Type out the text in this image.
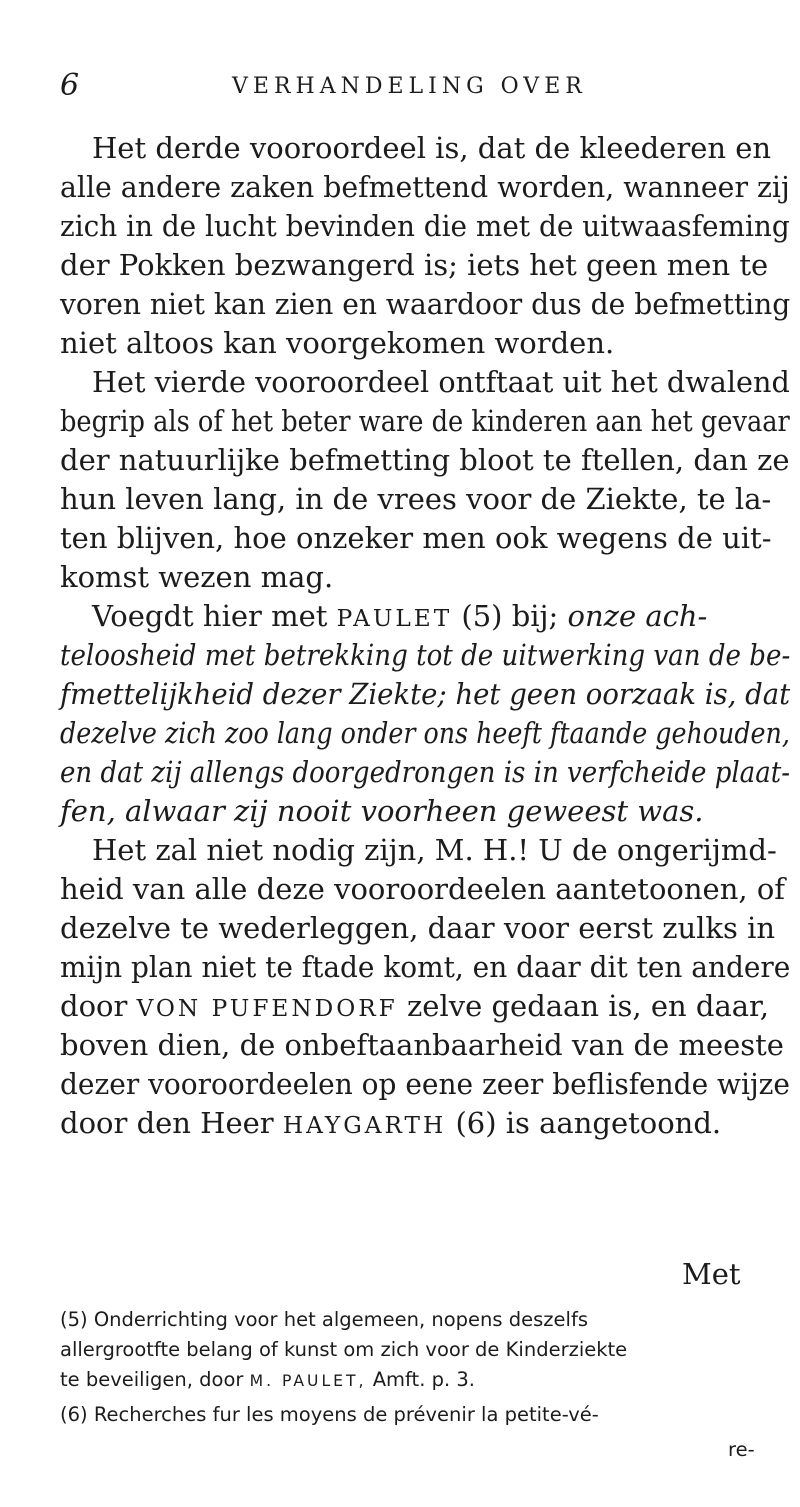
6	VERHANDELING OVER
Het derde vooroordeel is, dat de kleederen en
alle andere zaken befmettend worden, wanneer zij
zich in de lucht bevinden die met de uitwaasfeming
der Pokken bezwangerd is; iets het geen men te
voren niet kan zien en waardoor dus de befmetting
niet altoos kan voorgekomen worden.
Het vierde vooroordeel ontftaat uit het dwalend
begrip als of het beter ware de kinderen aan het gevaar
der natuurlijke befmetting bloot te ftellen, dan ze
hun leven lang, in de vrees voor de Ziekte, te la-
ten blijven, hoe onzeker men ook wegens de uit-
komst wezen mag.
Voegdt hier met PAULET (5) bij; onze ach-
teloosheid met betrekking tot de uitwerking van de be-
fmettelijkheid dezer Ziekte; het geen oorzaak is, dat
dezelve zich zoo lang onder ons heeft ftaande gehouden,
en dat zij allengs doorgedrongen is in verfcheide plaat-
fen, alwaar zij nooit voorheen geweest was.
Het zal niet nodig zijn, M. H.! U de ongerijmd-
heid van alle deze vooroordeelen aantetoonen, of
dezelve te wederleggen, daar voor eerst zulks in
mijn plan niet te ftade komt, en daar dit ten andere
door VON PUFENDORF zelve gedaan is, en daar,
boven dien, de onbeftaanbaarheid van de meeste
dezer vooroordeelen op eene zeer beflisfende wijze
door den Heer HAYGARTH (6) is aangetoond.
Met
(5) Onderrichting voor het algemeen, nopens deszelfs
allergrootfte belang of kunst om zich voor de Kinderziekte
te beveiligen, door M. PAULET, Amft. p. 3.
(6) Recherches fur les moyens de prévenir la petite-vé-
re-
